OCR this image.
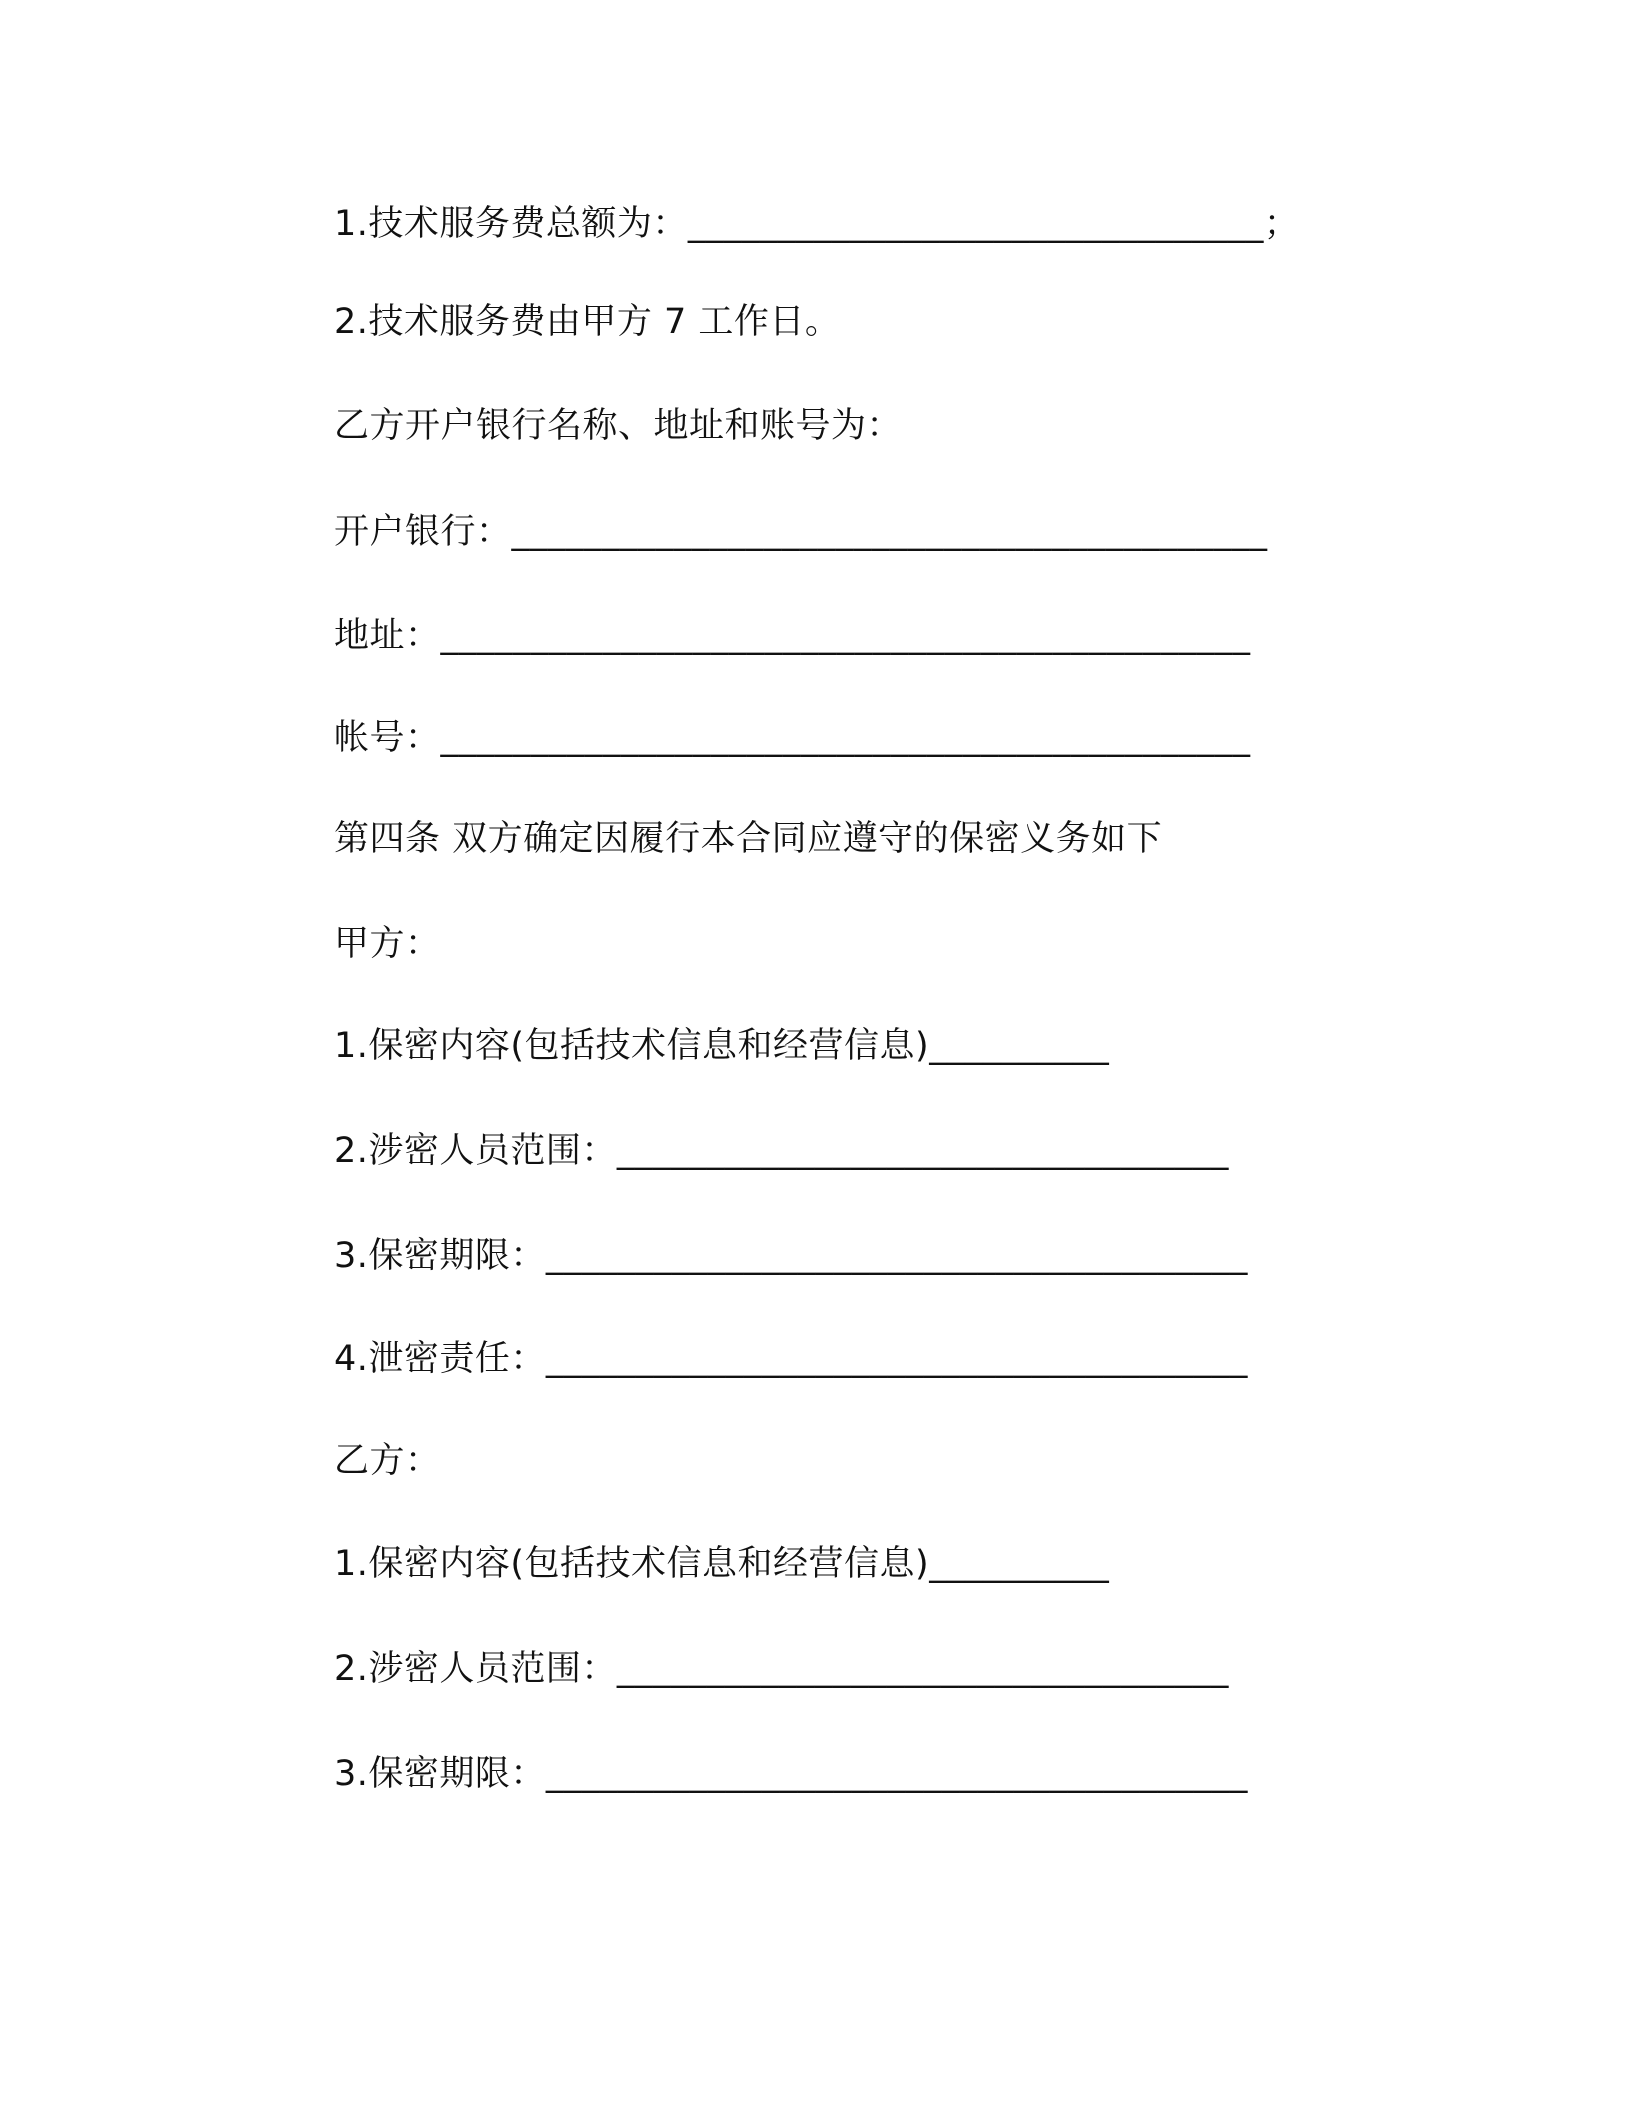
1.技术服务费总额为：________________________________；
2.技术服务费由甲方 7 工作日。
乙方开户银行名称、地址和账号为：
开户银行：__________________________________________
地址：_____________________________________________
帐号：_____________________________________________
第四条 双方确定因履行本合同应遵守的保密义务如下
甲方：
1.保密内容(包括技术信息和经营信息)__________
2.涉密人员范围：__________________________________
3.保密期限：_______________________________________
4.泄密责任：_______________________________________
乙方：
1.保密内容(包括技术信息和经营信息)__________
2.涉密人员范围：__________________________________
3.保密期限：_______________________________________
